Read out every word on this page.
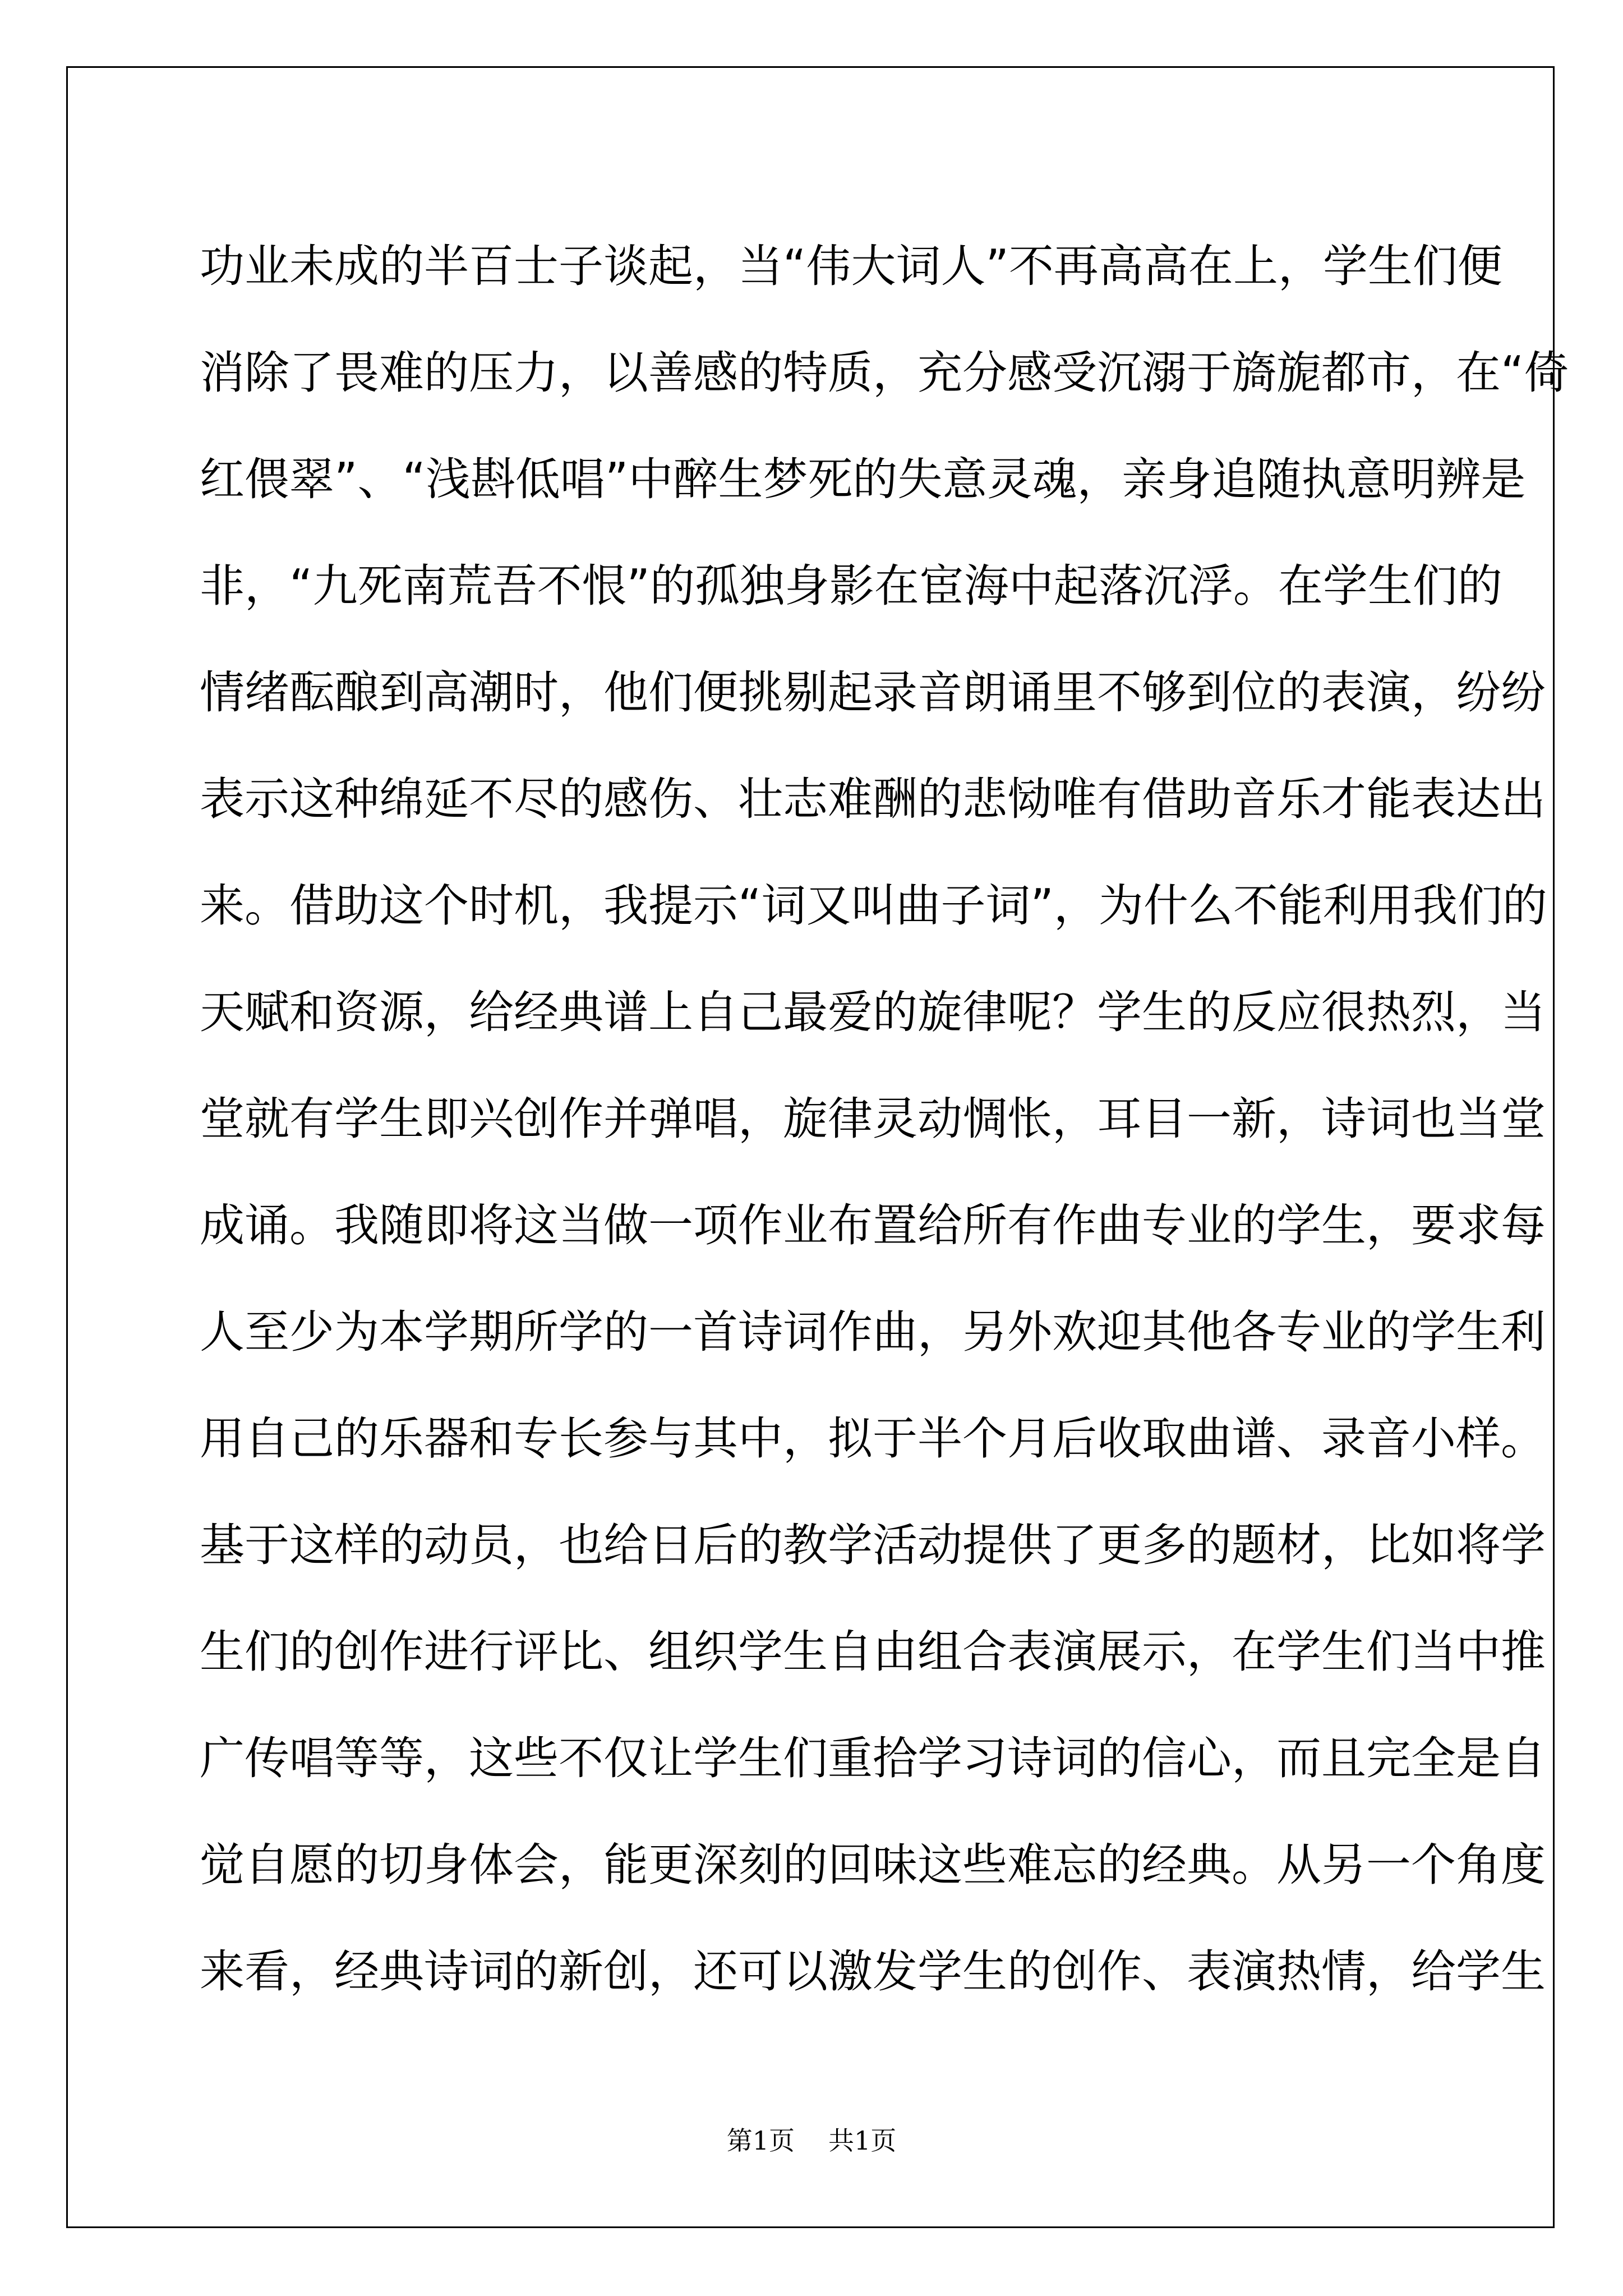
功业未成的半百士子谈起，当“伟大词人”不再高高在上，学生们便
消除了畏难的压力，以善感的特质，充分感受沉溺于旖旎都市，在“倚
红偎翠”、“浅斟低唱”中醉生梦死的失意灵魂，亲身追随执意明辨是
非，“九死南荒吾不恨”的孤独身影在宦海中起落沉浮。在学生们的
情绪酝酿到高潮时，他们便挑剔起录音朗诵里不够到位的表演，纷纷
表示这种绵延不尽的感伤、壮志难酬的悲恸唯有借助音乐才能表达出
来。借助这个时机，我提示“词又叫曲子词”，为什么不能利用我们的
天赋和资源，给经典谱上自己最爱的旋律呢？学生的反应很热烈，当
堂就有学生即兴创作并弹唱，旋律灵动惆怅，耳目一新，诗词也当堂
成诵。我随即将这当做一项作业布置给所有作曲专业的学生，要求每
人至少为本学期所学的一首诗词作曲，另外欢迎其他各专业的学生利
用自己的乐器和专长参与其中，拟于半个月后收取曲谱、录音小样。
基于这样的动员，也给日后的教学活动提供了更多的题材，比如将学
生们的创作进行评比、组织学生自由组合表演展示，在学生们当中推
广传唱等等，这些不仅让学生们重拾学习诗词的信心，而且完全是自
觉自愿的切身体会，能更深刻的回味这些难忘的经典。从另一个角度
来看，经典诗词的新创，还可以激发学生的创作、表演热情，给学生
第1页 共1页
